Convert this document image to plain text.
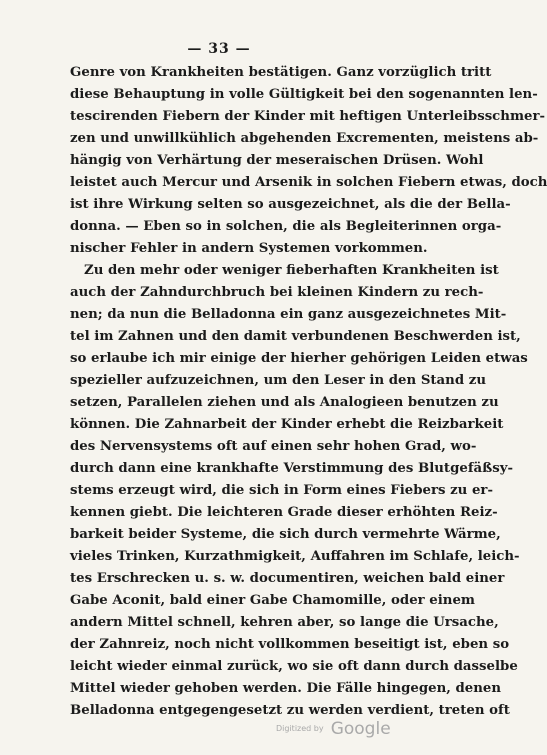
— 33 —
Genre von Krankheiten bestätigen. Ganz vorzüglich tritt
diese Behauptung in volle Gültigkeit bei den sogenannten len-
tescirenden Fiebern der Kinder mit heftigen Unterleibsschmer-
zen und unwillkühlich abgehenden Excrementen, meistens ab-
hängig von Verhärtung der meseraischen Drüsen. Wohl
leistet auch Mercur und Arsenik in solchen Fiebern etwas, doch
ist ihre Wirkung selten so ausgezeichnet, als die der Bella-
donna. — Eben so in solchen, die als Begleiterinnen orga-
nischer Fehler in andern Systemen vorkommen.
Zu den mehr oder weniger fieberhaften Krankheiten ist
auch der Zahndurchbruch bei kleinen Kindern zu rech-
nen; da nun die Belladonna ein ganz ausgezeichnetes Mit-
tel im Zahnen und den damit verbundenen Beschwerden ist,
so erlaube ich mir einige der hierher gehörigen Leiden etwas
spezieller aufzuzeichnen, um den Leser in den Stand zu
setzen, Parallelen ziehen und als Analogieen benutzen zu
können. Die Zahnarbeit der Kinder erhebt die Reizbarkeit
des Nervensystems oft auf einen sehr hohen Grad, wo-
durch dann eine krankhafte Verstimmung des Blutgefäßsy-
stems erzeugt wird, die sich in Form eines Fiebers zu er-
kennen giebt. Die leichteren Grade dieser erhöhten Reiz-
barkeit beider Systeme, die sich durch vermehrte Wärme,
vieles Trinken, Kurzathmigkeit, Auffahren im Schlafe, leich-
tes Erschrecken u. s. w. documentiren, weichen bald einer
Gabe Aconit, bald einer Gabe Chamomille, oder einem
andern Mittel schnell, kehren aber, so lange die Ursache,
der Zahnreiz, noch nicht vollkommen beseitigt ist, eben so
leicht wieder einmal zurück, wo sie oft dann durch dasselbe
Mittel wieder gehoben werden. Die Fälle hingegen, denen
Belladonna entgegengesetzt zu werden verdient, treten oft
Digitized by Google
